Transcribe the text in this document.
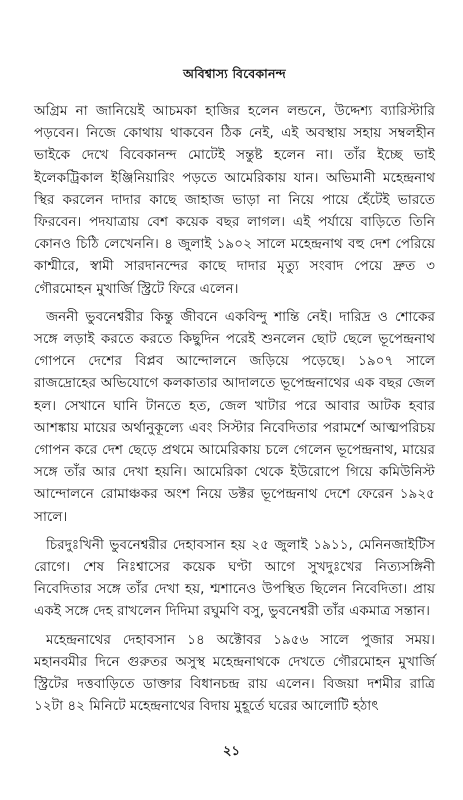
অবিশ্বাস্য বিবেকানন্দ

অগ্রিম না জানিয়েই আচমকা হাজির হলেন লন্ডনে, উদ্দেশ্য ব্যারিস্টারি পড়বেন। নিজে কোথায় থাকবেন ঠিক নেই, এই অবস্থায় সহায় সম্বলহীন ভাইকে দেখে বিবেকানন্দ মোটেই সন্তুষ্ট হলেন না। তাঁর ইচ্ছে ভাই ইলেকট্রিকাল ইঞ্জিনিয়ারিং পড়তে আমেরিকায় যান। অভিমানী মহেন্দ্রনাথ স্থির করলেন দাদার কাছে জাহাজ ভাড়া না নিয়ে পায়ে হেঁটেই ভারতে ফিরবেন। পদযাত্রায় বেশ কয়েক বছর লাগল। এই পর্যায়ে বাড়িতে তিনি কোনও চিঠি লেখেননি। ৪ জুলাই ১৯০২ সালে মহেন্দ্রনাথ বহু দেশ পেরিয়ে কাশ্মীরে, স্বামী সারদানন্দের কাছে দাদার মৃত্যু সংবাদ পেয়ে দ্রুত ৩ গৌরমোহন মুখার্জি স্ট্রিটে ফিরে এলেন।

জননী ভুবনেশ্বরীর কিন্তু জীবনে একবিন্দু শান্তি নেই। দারিদ্র ও শোকের সঙ্গে লড়াই করতে করতে কিছুদিন পরেই শুনলেন ছোট ছেলে ভূপেন্দ্রনাথ গোপনে দেশের বিপ্লব আন্দোলনে জড়িয়ে পড়েছে। ১৯০৭ সালে রাজদ্রোহের অভিযোগে কলকাতার আদালতে ভূপেন্দ্রনাথের এক বছর জেল হল। সেখানে ঘানি টানতে হত, জেল খাটার পরে আবার আটক হবার আশঙ্কায় মায়ের অর্থানুকূল্যে এবং সিস্টার নিবেদিতার পরামর্শে আত্মপরিচয় গোপন করে দেশ ছেড়ে প্রথমে আমেরিকায় চলে গেলেন ভূপেন্দ্রনাথ, মায়ের সঙ্গে তাঁর আর দেখা হয়নি। আমেরিকা থেকে ইউরোপে গিয়ে কমিউনিস্ট আন্দোলনে রোমাঞ্চকর অংশ নিয়ে ডক্টর ভূপেন্দ্রনাথ দেশে ফেরেন ১৯২৫ সালে।

চিরদুঃখিনী ভুবনেশ্বরীর দেহাবসান হয় ২৫ জুলাই ১৯১১, মেনিনজাইটিস রোগে। শেষ নিঃশ্বাসের কয়েক ঘণ্টা আগে সুখদুঃখের নিত্যসঙ্গিনী নিবেদিতার সঙ্গে তাঁর দেখা হয়, শ্মশানেও উপস্থিত ছিলেন নিবেদিতা। প্রায় একই সঙ্গে দেহ রাখলেন দিদিমা রঘুমণি বসু, ভুবনেশ্বরী তাঁর একমাত্র সন্তান।

মহেন্দ্রনাথের দেহাবসান ১৪ অক্টোবর ১৯৫৬ সালে পুজার সময়। মহানবমীর দিনে গুরুতর অসুস্থ মহেন্দ্রনাথকে দেখতে গৌরমোহন মুখার্জি স্ট্রিটের দত্তবাড়িতে ডাক্তার বিধানচন্দ্র রায় এলেন। বিজয়া দশমীর রাত্রি ১২টা ৪২ মিনিটে মহেন্দ্রনাথের বিদায় মুহূর্তে ঘরের আলোটি হঠাৎ

২১
